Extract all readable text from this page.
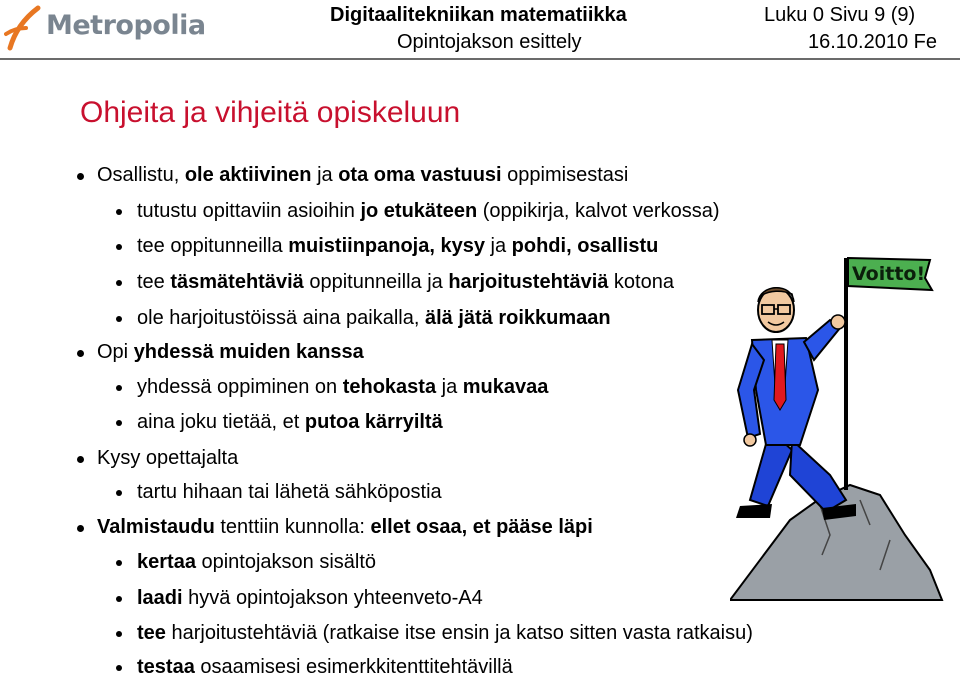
Metropolia	Digitaalitekniikan matematiikka
Opintojakson esittely
Luku 0 Sivu 9 (9)
16.10.2010 Fe
Ohjeita ja vihjeitä opiskeluun
Osallistu, ole aktiivinen ja ota oma vastuusi oppimisestasi
tutustu opittaviin asioihin jo etukäteen (oppikirja, kalvot verkossa)
tee oppitunneilla muistiinpanoja, kysy ja pohdi, osallistu
tee täsmätehtäviä oppitunneilla ja harjoitustehtäviä kotona
ole harjoitustöissä aina paikalla, älä jätä roikkumaan
Opi yhdessä muiden kanssa
yhdessä oppiminen on tehokasta ja mukavaa
aina joku tietää, et putoa kärryiltä
Kysy opettajalta
tartu hihaan tai lähetä sähköpostia
Valmistaudu tenttiin kunnolla: ellet osaa, et pääse läpi
kertaa opintojakson sisältö
laadi hyvä opintojakson yhteenveto-A4
tee harjoitustehtäviä (ratkaise itse ensin ja katso sitten vasta ratkaisu)
testaa osaamisesi esimerkkitenttitehtävillä
Voitto!
